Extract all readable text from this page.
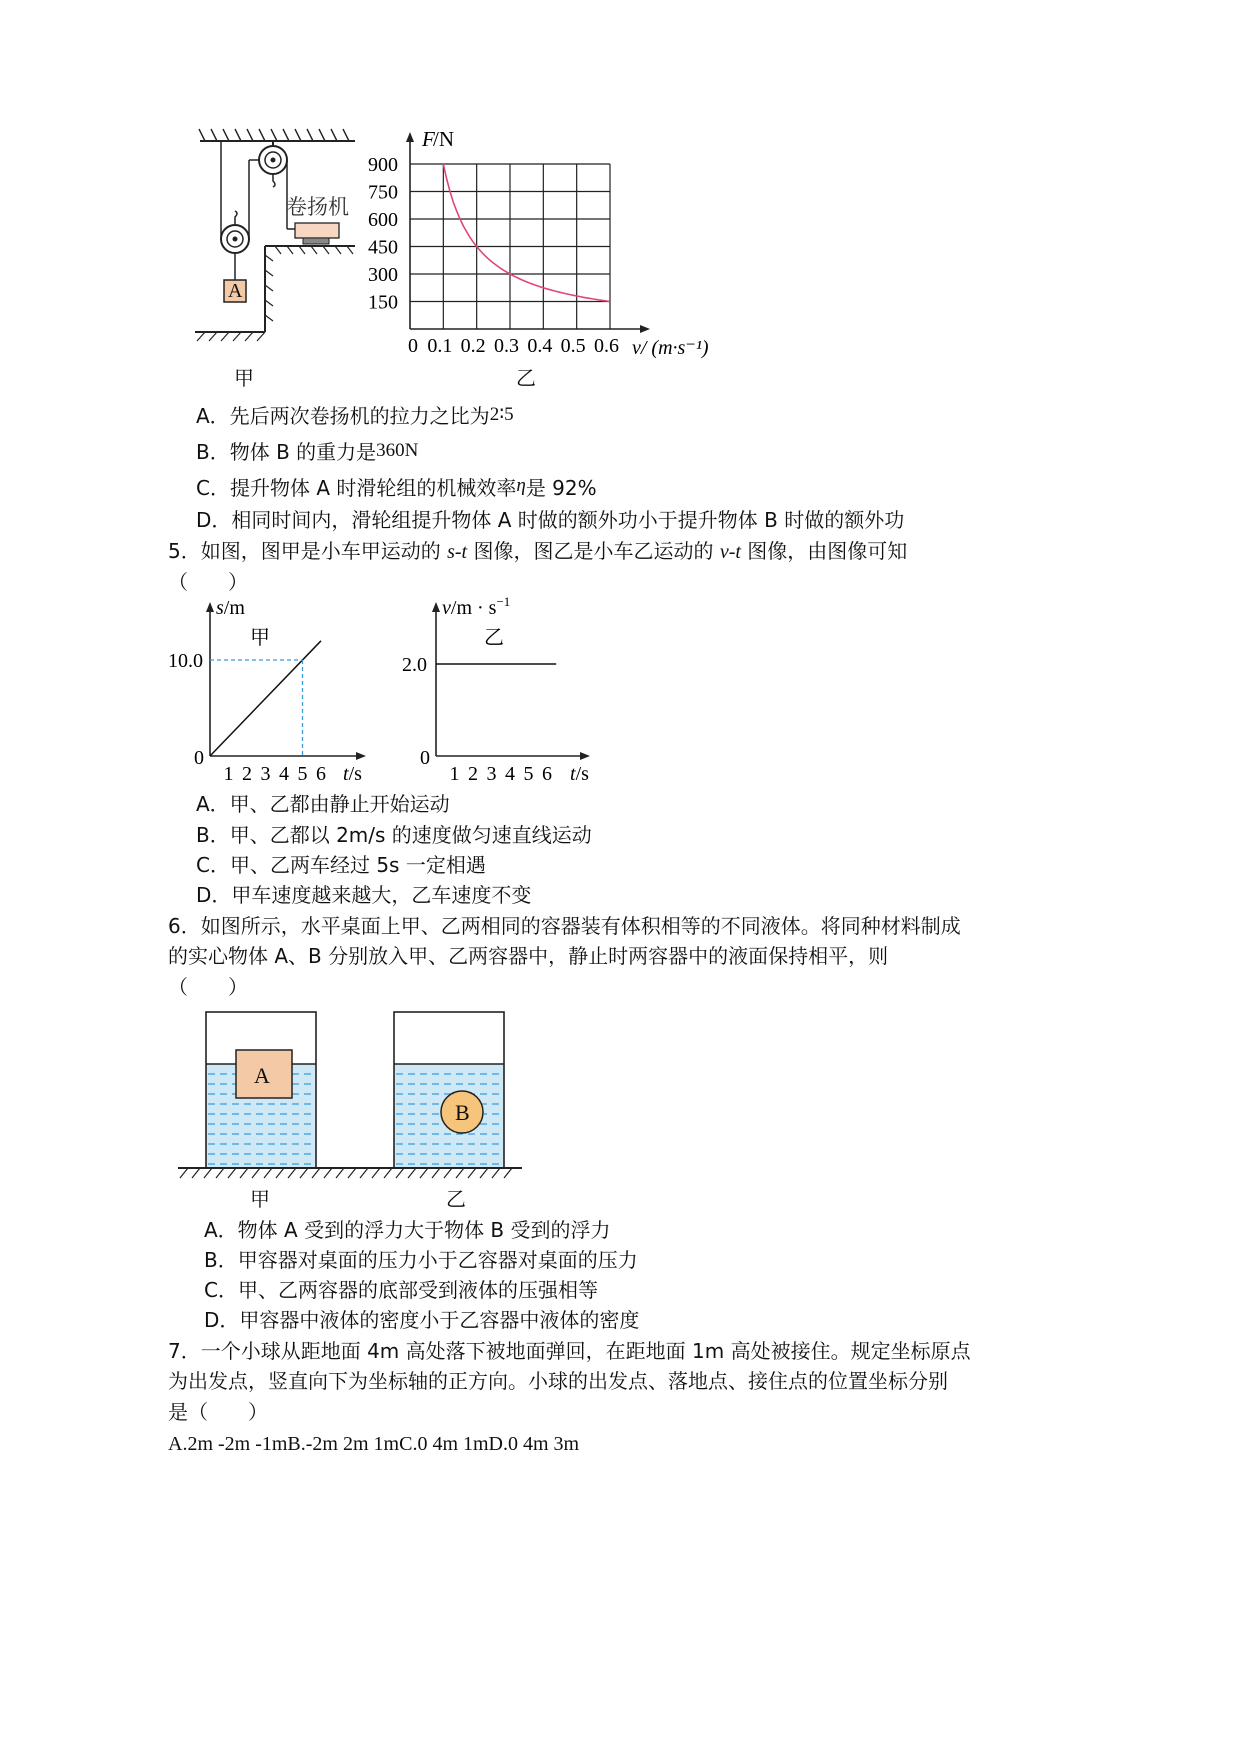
A
卷扬机
甲
900
750
600
450
300
150
0 0.1 0.2 0.3 0.4 0.5 0.6
F
/N
v/ (m·s⁻¹)
乙
A．先后两次卷扬机的拉力之比为2∶5
B．物体 B 的重力是360N
C．提升物体 A 时滑轮组的机械效率η是 92%
D．相同时间内，滑轮组提升物体 A 时做的额外功小于提升物体 B 时做的额外功
5．如图，图甲是小车甲运动的 s-t 图像，图乙是小车乙运动的 v-t 图像，由图像可知
（　　）
s/m
甲
10.0
0
1 2 3 4 5 6 t/s
$v/m \cdot s^{-1}$
乙
2.0
0
1 2 3 4 5 6 t/s
A．甲、乙都由静止开始运动
B．甲、乙都以 2m/s 的速度做匀速直线运动
C．甲、乙两车经过 5s 一定相遇
D．甲车速度越来越大，乙车速度不变
6．如图所示，水平桌面上甲、乙两相同的容器装有体积相等的不同液体。将同种材料制成
的实心物体 A、B 分别放入甲、乙两容器中，静止时两容器中的液面保持相平，则
（　　）
A
B
甲	乙
A．物体 A 受到的浮力大于物体 B 受到的浮力
B．甲容器对桌面的压力小于乙容器对桌面的压力
C．甲、乙两容器的底部受到液体的压强相等
D．甲容器中液体的密度小于乙容器中液体的密度
7．一个小球从距地面 4m 高处落下被地面弹回，在距地面 1m 高处被接住。规定坐标原点
为出发点，竖直向下为坐标轴的正方向。小球的出发点、落地点、接住点的位置坐标分别
是（　　）
A.2m -2m -1mB.-2m 2m 1mC.0 4m 1mD.0 4m 3m
